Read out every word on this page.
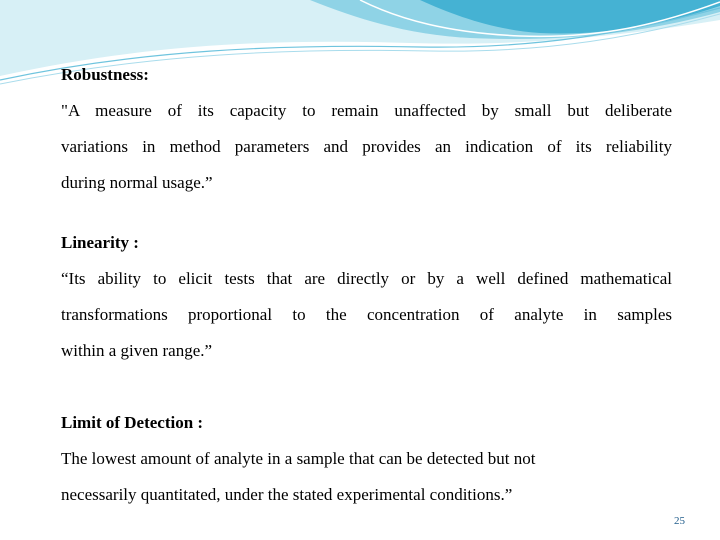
Robustness:
"A measure of its capacity to remain unaffected by small but deliberate
variations in method parameters and provides an indication of its reliability
during normal usage.”
Linearity :
“Its ability to elicit tests that are directly or by a well defined mathematical
transformations proportional to the concentration of analyte in samples
within a given range.”
Limit of Detection :
The lowest amount of analyte in a sample that can be detected but not
necessarily quantitated, under the stated experimental conditions.”
25
